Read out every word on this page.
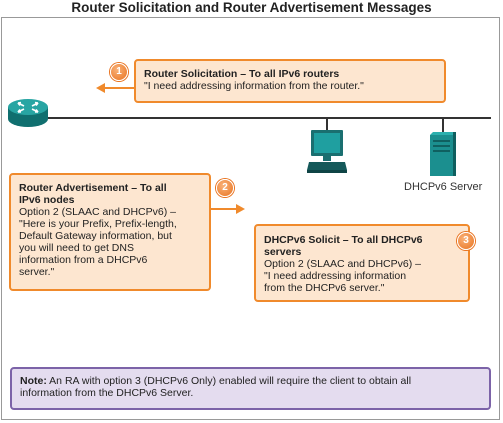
Router Solicitation and Router Advertisement Messages
DHCPv6 Server
1	Router Solicitation – To all IPv6 routers
"I need addressing information from the router."
Router Advertisement – To all
IPv6 nodes
Option 2 (SLAAC and DHCPv6) –
"Here is your Prefix, Prefix-length,
Default Gateway information, but
you will need to get DNS
information from a DHCPv6
server."
2
DHCPv6 Solicit – To all DHCPv6
servers
Option 2 (SLAAC and DHCPv6) –
"I need addressing information
from the DHCPv6 server."
3
Note: An RA with option 3 (DHCPv6 Only) enabled will require the client to obtain all
information from the DHCPv6 Server.
